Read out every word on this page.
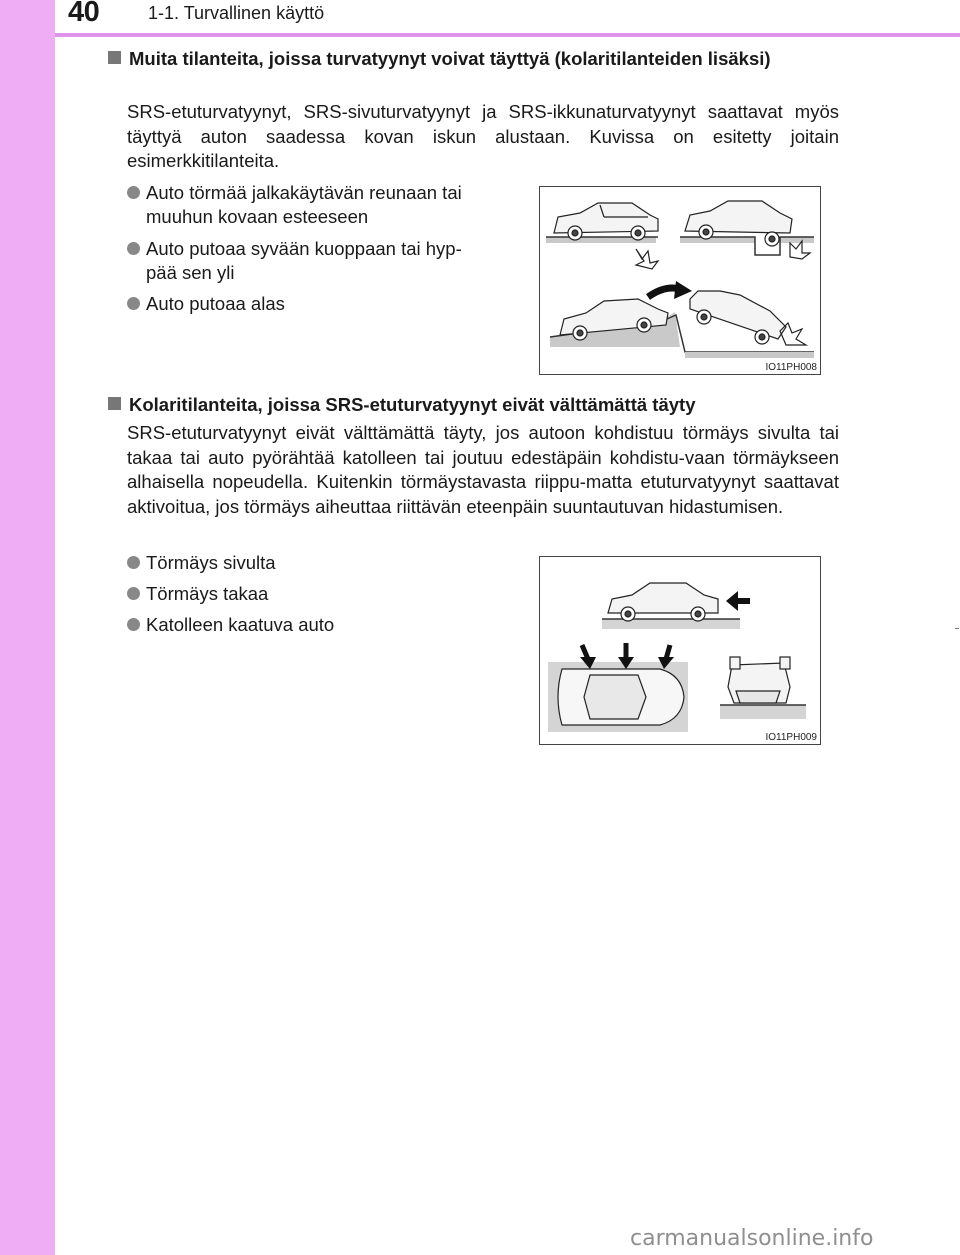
40	1-1. Turvallinen käyttö
Muita tilanteita, joissa turvatyynyt voivat täyttyä (kolaritilanteiden lisäksi)
SRS-etuturvatyynyt, SRS-sivuturvatyynyt ja SRS-ikkunaturvatyynyt saattavat myös täyttyä auton saadessa kovan iskun alustaan. Kuvissa on esitetty joitain esimerkkitilanteita.
Auto törmää jalkakäytävän reunaan tai
muuhun kovaan esteeseen
Auto putoaa syvään kuoppaan tai hyp-
pää sen yli
Auto putoaa alas
IO11PH008
Kolaritilanteita, joissa SRS-etuturvatyynyt eivät välttämättä täyty
SRS-etuturvatyynyt eivät välttämättä täyty, jos autoon kohdistuu törmäys sivulta tai takaa tai auto pyörähtää katolleen tai joutuu edestäpäin kohdistu-vaan törmäykseen alhaisella nopeudella. Kuitenkin törmäystavasta riippu-matta etuturvatyynyt saattavat aktivoitua, jos törmäys aiheuttaa riittävän eteenpäin suuntautuvan hidastumisen.
Törmäys sivulta
Törmäys takaa
Katolleen kaatuva auto
IO11PH009
carmanualsonline.info
